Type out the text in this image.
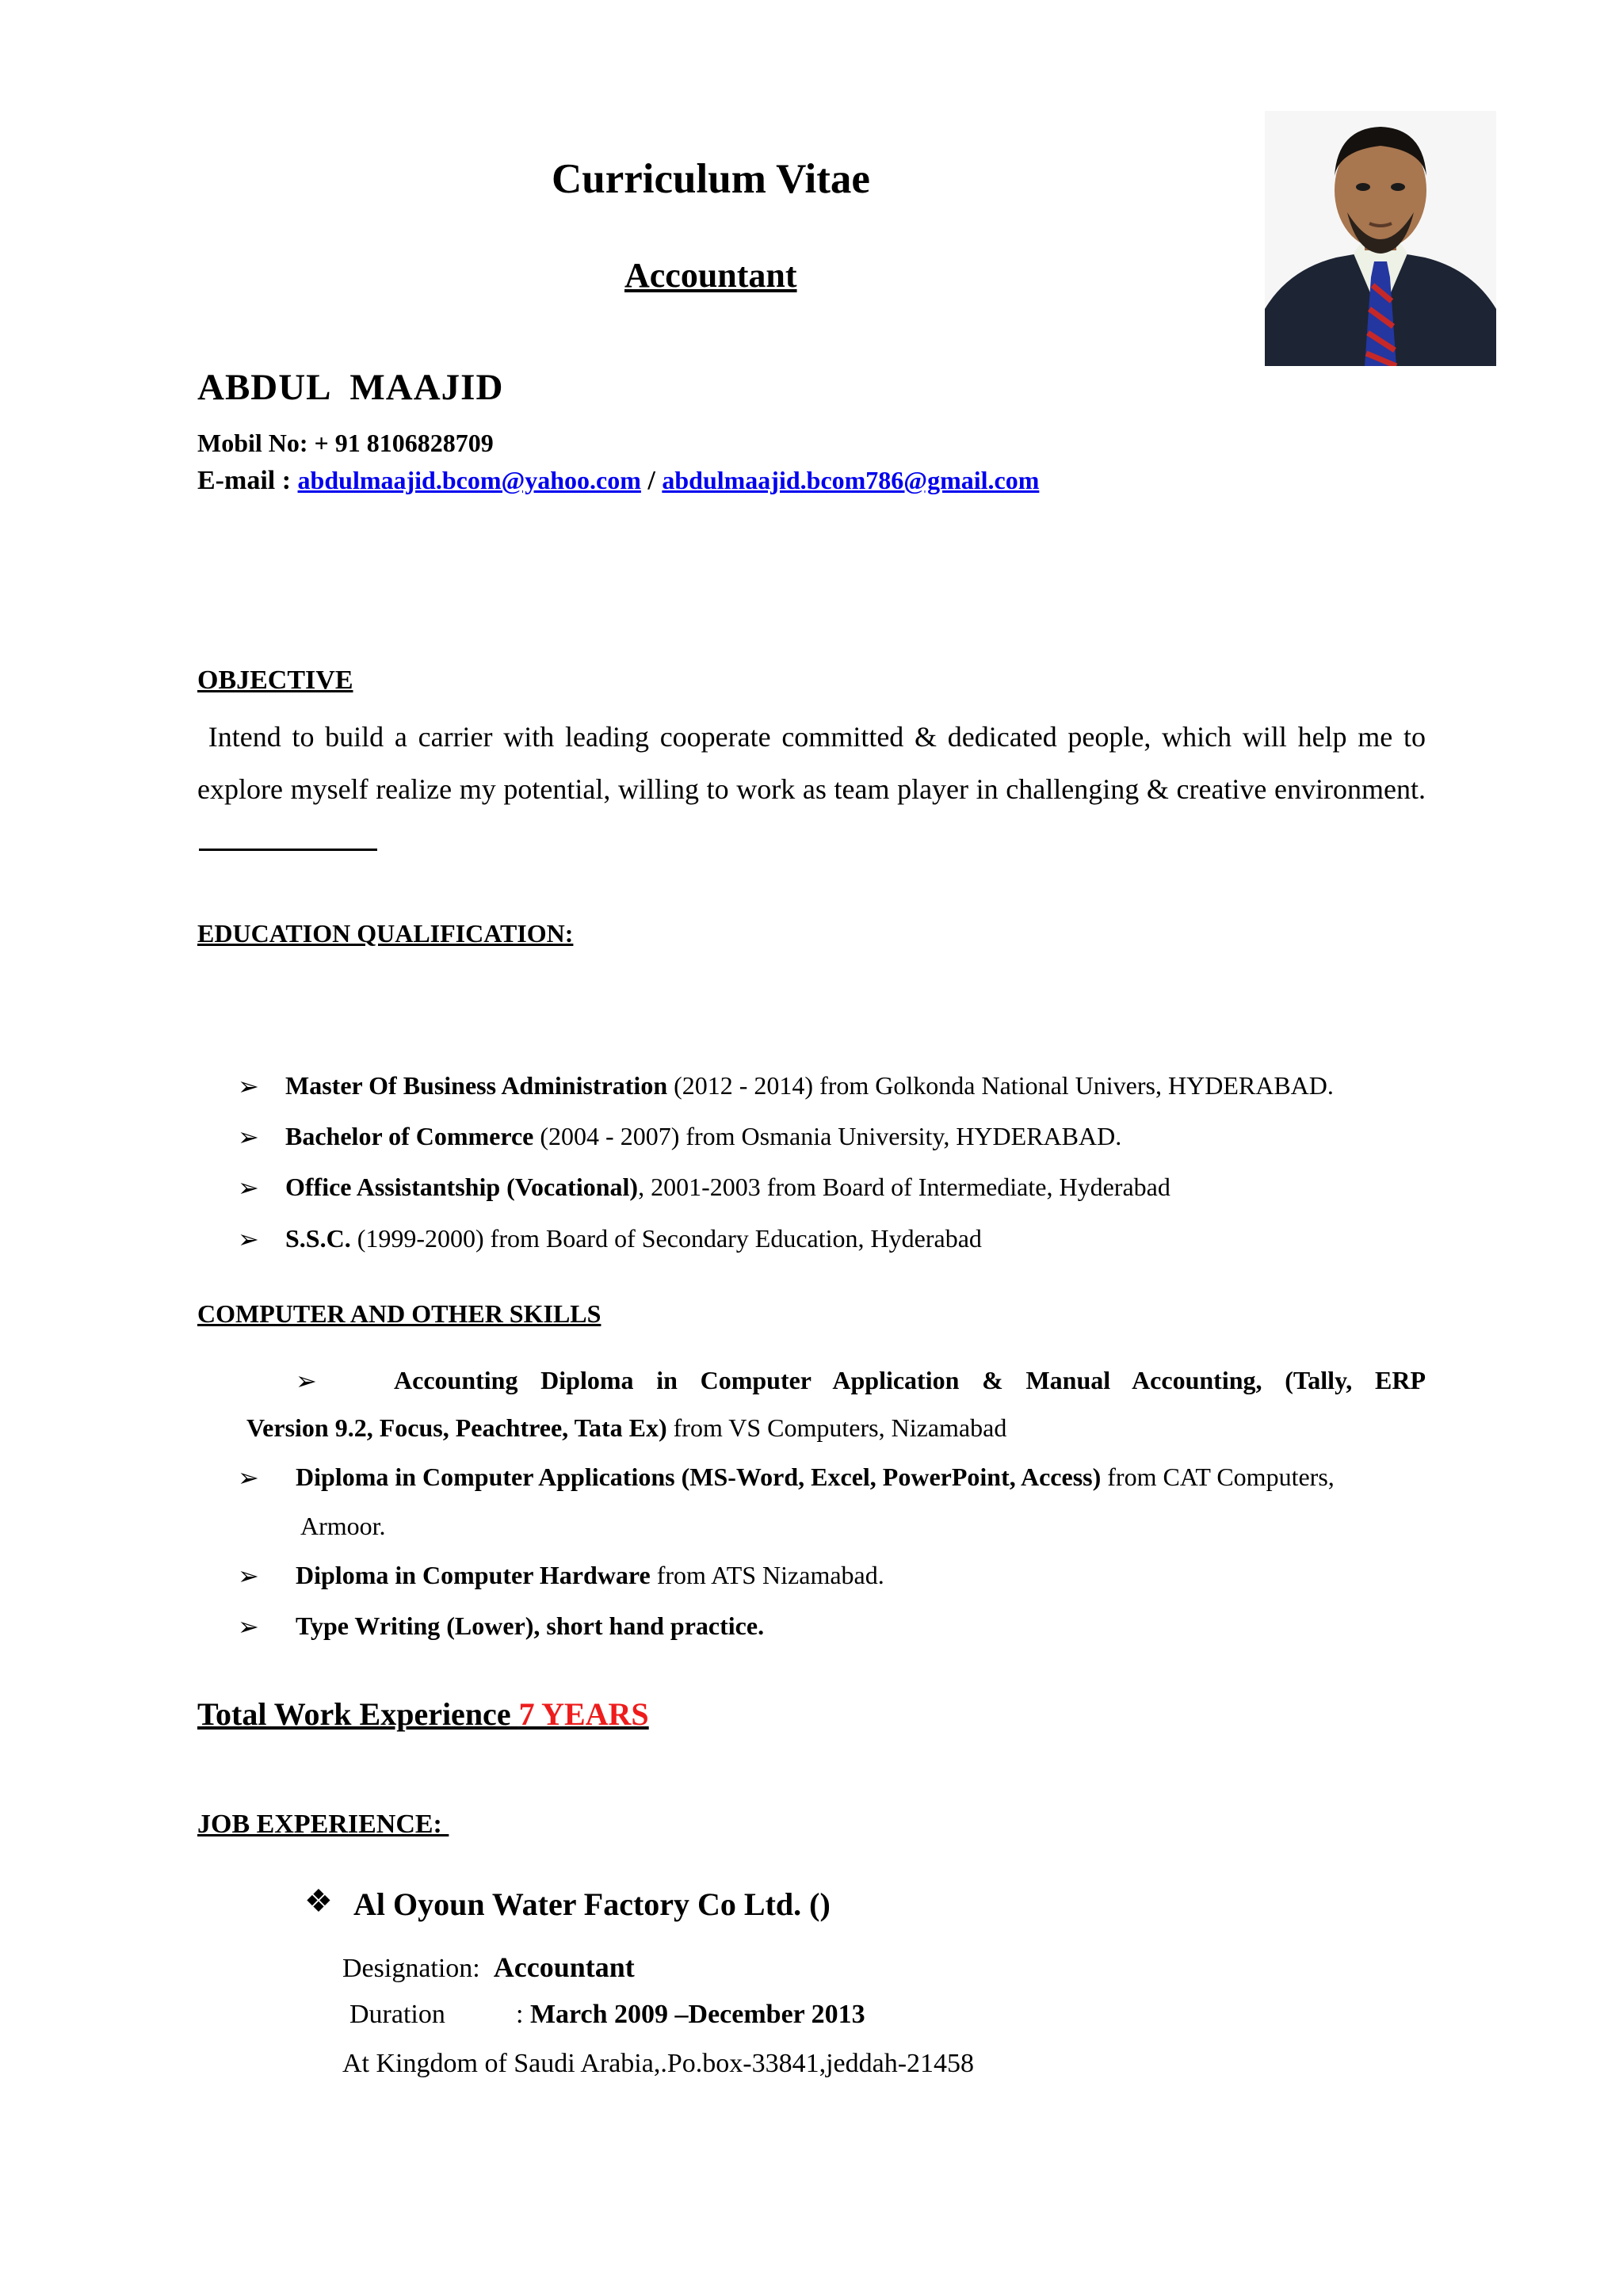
Curriculum Vitae
Accountant
ABDUL  MAAJID
Mobil No: + 91 8106828709
E-mail : abdulmaajid.bcom@yahoo.com / abdulmaajid.bcom786@gmail.com
OBJECTIVE
Intend to build a carrier with leading cooperate committed & dedicated people, which will help me to explore myself realize my potential, willing to work as team player in challenging & creative environment.
EDUCATION QUALIFICATION:
➢ Master Of Business Administration (2012 - 2014) from Golkonda National Univers, HYDERABAD.
➢ Bachelor of Commerce (2004 - 2007) from Osmania University, HYDERABAD.
➢ Office Assistantship (Vocational), 2001-2003 from Board of Intermediate, Hyderabad
➢ S.S.C. (1999-2000) from Board of Secondary Education, Hyderabad
COMPUTER AND OTHER SKILLS
➢	Accounting Diploma in Computer Application & Manual Accounting, (Tally, ERP
Version 9.2, Focus, Peachtree, Tata Ex) from VS Computers, Nizamabad
➢ Diploma in Computer Applications (MS-Word, Excel, PowerPoint, Access) from CAT Computers,
Armoor.
➢ Diploma in Computer Hardware from ATS Nizamabad.
➢ Type Writing (Lower), short hand practice.
Total Work Experience 7 YEARS
JOB EXPERIENCE:
❖ Al Oyoun Water Factory Co Ltd. ()
Designation: Accountant
Duration	: March 2009 –December 2013
At Kingdom of Saudi Arabia,.Po.box-33841,jeddah-21458
